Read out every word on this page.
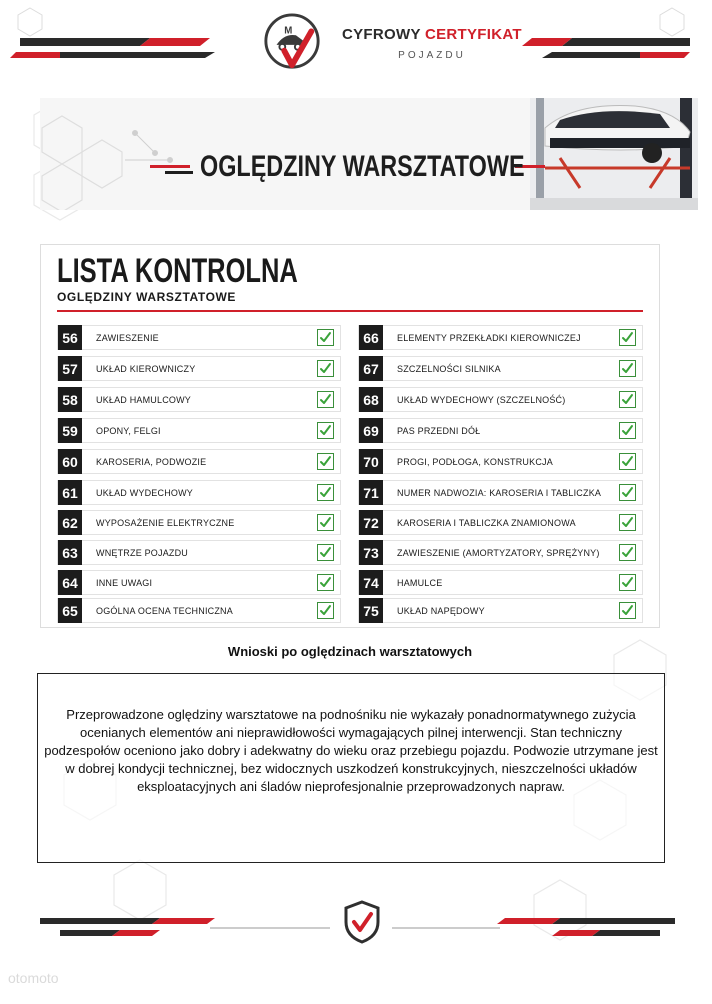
M	CYFROWY CERTYFIKAT
POJAZDU
OGLĘDZINY WARSZTATOWE
LISTA KONTROLNA
OGLĘDZINY WARSZTATOWE
56	ZAWIESZENIE
57	UKŁAD KIEROWNICZY
58	UKŁAD HAMULCOWY
59	OPONY, FELGI
60	KAROSERIA, PODWOZIE
61	UKŁAD WYDECHOWY
62	WYPOSAŻENIE ELEKTRYCZNE
63	WNĘTRZE POJAZDU
64	INNE UWAGI
65	OGÓLNA OCENA TECHNICZNA
66	ELEMENTY PRZEKŁADKI KIEROWNICZEJ
67	SZCZELNOŚCI SILNIKA
68	UKŁAD WYDECHOWY (SZCZELNOŚĆ)
69	PAS PRZEDNI DÓŁ
70	PROGI, PODŁOGA, KONSTRUKCJA
71	NUMER NADWOZIA: KAROSERIA I TABLICZKA
72	KAROSERIA I TABLICZKA ZNAMIONOWA
73	ZAWIESZENIE (AMORTYZATORY, SPRĘŻYNY)
74	HAMULCE
75	UKŁAD NAPĘDOWY
Wnioski po oględzinach warsztatowych
Przeprowadzone oględziny warsztatowe na podnośniku nie wykazały ponadnormatywnego zużycia ocenianych elementów ani nieprawidłowości wymagających pilnej interwencji. Stan techniczny podzespołów oceniono jako dobry i adekwatny do wieku oraz przebiegu pojazdu. Podwozie utrzymane jest w dobrej kondycji technicznej, bez widocznych uszkodzeń konstrukcyjnych, nieszczelności układów eksploatacyjnych ani śladów nieprofesjonalnie przeprowadzonych napraw.
otomoto
